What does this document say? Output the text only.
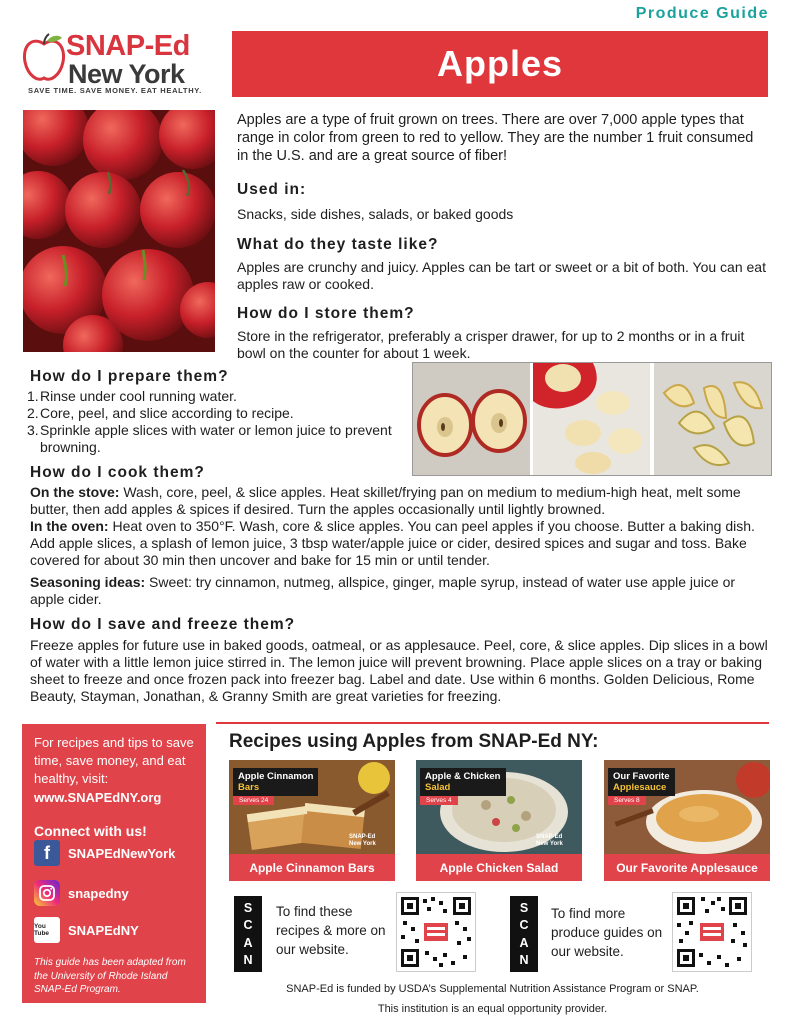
Produce Guide
SNAP-Ed
New York
SAVE TIME. SAVE MONEY. EAT HEALTHY.
Apples

Apples are a type of fruit grown on trees. There are over 7,000 apple types that range in color from green to red to yellow. They are the number 1 fruit consumed in the U.S. and are a great source of fiber!

Used in:

Snacks, side dishes, salads, or baked goods

What do they taste like?

Apples are crunchy and juicy. Apples can be tart or sweet or a bit of both. You can eat apples raw or cooked.

How do I store them?

Store in the refrigerator, preferably a crisper drawer, for up to 2 months or in a fruit bowl on the counter for about 1 week.

How do I prepare them?
1. Rinse under cool running water.
2. Core, peel, and slice according to recipe.
3. Sprinkle apple slices with water or lemon juice to prevent browning.
How do I cook them?

On the stove: Wash, core, peel, & slice apples. Heat skillet/frying pan on medium to medium-high heat, melt some butter, then add apples & spices if desired. Turn the apples occasionally until lightly browned.

In the oven: Heat oven to 350°F. Wash, core & slice apples. You can peel apples if you choose. Butter a baking dish. Add apple slices, a splash of lemon juice, 3 tbsp water/apple juice or cider, desired spices and sugar and toss. Bake covered for about 30 min then uncover and bake for 15 min or until tender.

Seasoning ideas: Sweet: try cinnamon, nutmeg, allspice, ginger, maple syrup, instead of water use apple juice or apple cider.

How do I save and freeze them?

Freeze apples for future use in baked goods, oatmeal, or as applesauce. Peel, core, & slice apples. Dip slices in a bowl of water with a little lemon juice stirred in. The lemon juice will prevent browning. Place apple slices on a tray or baking sheet to freeze and once frozen pack into freezer bag. Label and date. Use within 6 months. Golden Delicious, Rome Beauty, Stayman, Jonathan, & Granny Smith are great varieties for freezing.

For recipes and tips to save time, save money, and eat healthy, visit:

www.SNAPEdNY.org

Connect with us!

f SNAPEdNewYork
snapedny
You Tube	SNAPEdNY

This guide has been adapted from the University of Rhode Island SNAP-Ed Program.

Recipes using Apples from SNAP-Ed NY:
Apple Cinnamon
Bars
Serves 24
SNAP-Ed New York
Apple Cinnamon Bars
Apple & Chicken
Salad
Serves 4
SNAP-Ed New York
Apple Chicken Salad
Our Favorite
Applesauce
Serves 8
Our Favorite Applesauce
S
C
A
N
To find these recipes & more on our website.
S
C
A
N
To find more produce guides on our website.
SNAP-Ed is funded by USDA’s Supplemental Nutrition Assistance Program or SNAP.
This institution is an equal opportunity provider.
